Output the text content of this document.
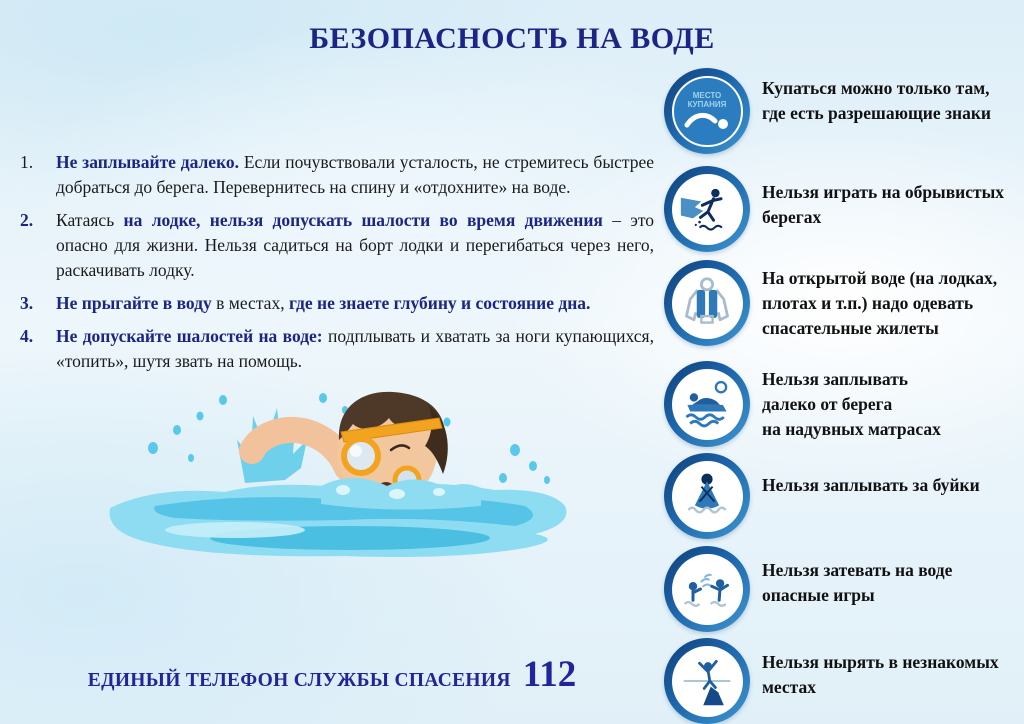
БЕЗОПАСНОСТЬ НА ВОДЕ
1.	Не заплывайте далеко. Если почувствовали усталость, не стремитесь быстрее добраться до берега. Перевернитесь на спину и «отдохните» на воде.
2.	Катаясь на лодке, нельзя допускать шалости во время движения – это опасно для жизни. Нельзя садиться на борт лодки и перегибаться через него, раскачивать лодку.
3.	Не прыгайте в воду в местах, где не знаете глубину и состояние дна.
4.	Не допускайте шалостей на воде: подплывать и хватать за ноги купающихся, «топить», шутя звать на помощь.
ЕДИНЫЙ ТЕЛЕФОН СЛУЖБЫ СПАСЕНИЯ 112
МЕСТО
КУПАНИЯ
Купаться можно только там,
где есть разрешающие знаки
Нельзя играть на обрывистых
берегах
На открытой воде (на лодках,
плотах и т.п.) надо одевать
спасательные жилеты
Нельзя заплывать
далеко от берега
на надувных матрасах
Нельзя заплывать за буйки
Нельзя затевать на воде
опасные игры
Нельзя нырять в незнакомых
местах
